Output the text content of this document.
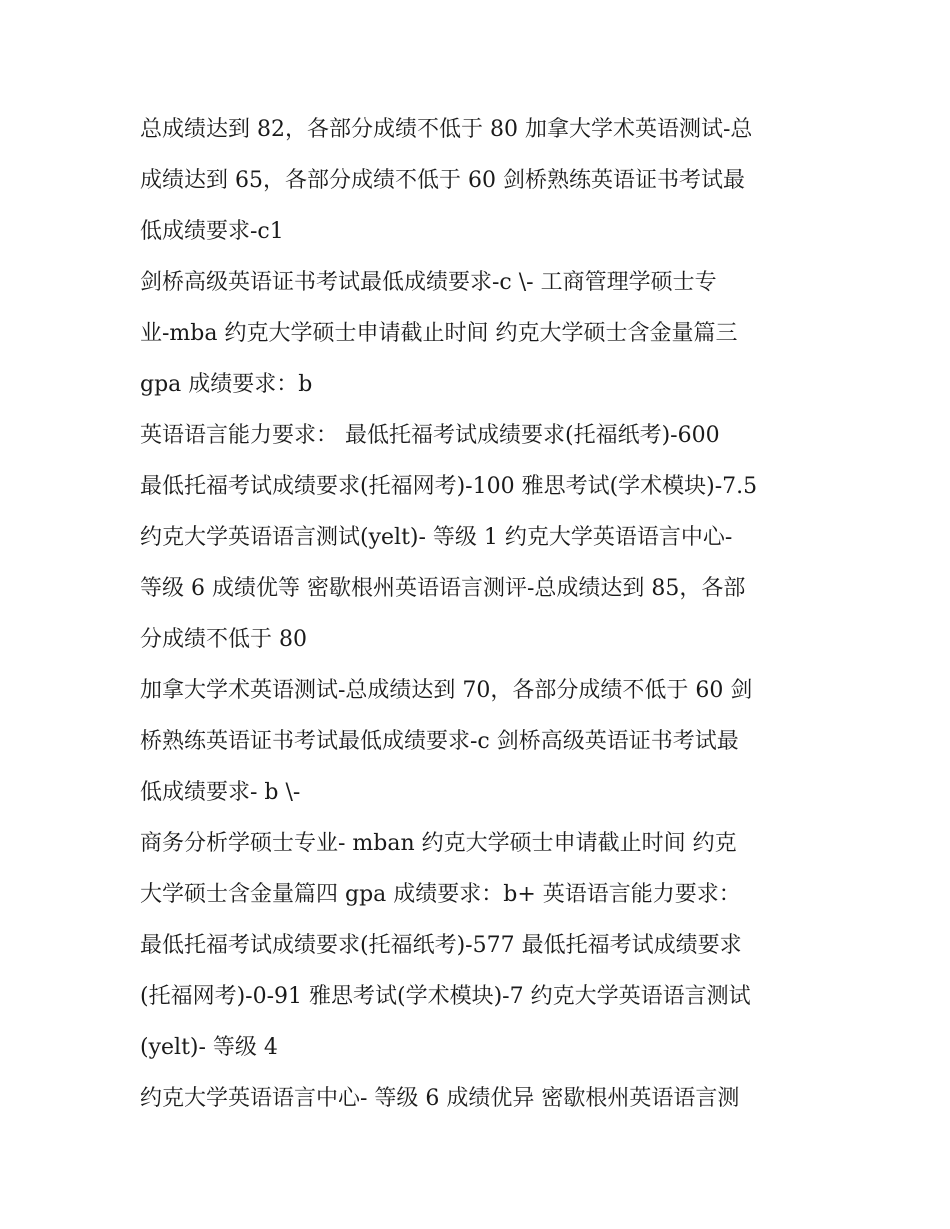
总成绩达到 82，各部分成绩不低于 80 加拿大学术英语测试-总
成绩达到 65，各部分成绩不低于 60 剑桥熟练英语证书考试最
低成绩要求-c1
剑桥高级英语证书考试最低成绩要求-c \- 工商管理学硕士专
业-mba 约克大学硕士申请截止时间 约克大学硕士含金量篇三
gpa 成绩要求：b
英语语言能力要求： 最低托福考试成绩要求(托福纸考)-600
最低托福考试成绩要求(托福网考)-100 雅思考试(学术模块)-7.5
约克大学英语语言测试(yelt)- 等级 1 约克大学英语语言中心-
等级 6 成绩优等 密歇根州英语语言测评-总成绩达到 85，各部
分成绩不低于 80
加拿大学术英语测试-总成绩达到 70，各部分成绩不低于 60 剑
桥熟练英语证书考试最低成绩要求-c 剑桥高级英语证书考试最
低成绩要求- b \-
商务分析学硕士专业- mban 约克大学硕士申请截止时间 约克
大学硕士含金量篇四 gpa 成绩要求：b+ 英语语言能力要求：
最低托福考试成绩要求(托福纸考)-577 最低托福考试成绩要求
(托福网考)-0-91 雅思考试(学术模块)-7 约克大学英语语言测试
(yelt)- 等级 4
约克大学英语语言中心- 等级 6 成绩优异 密歇根州英语语言测
